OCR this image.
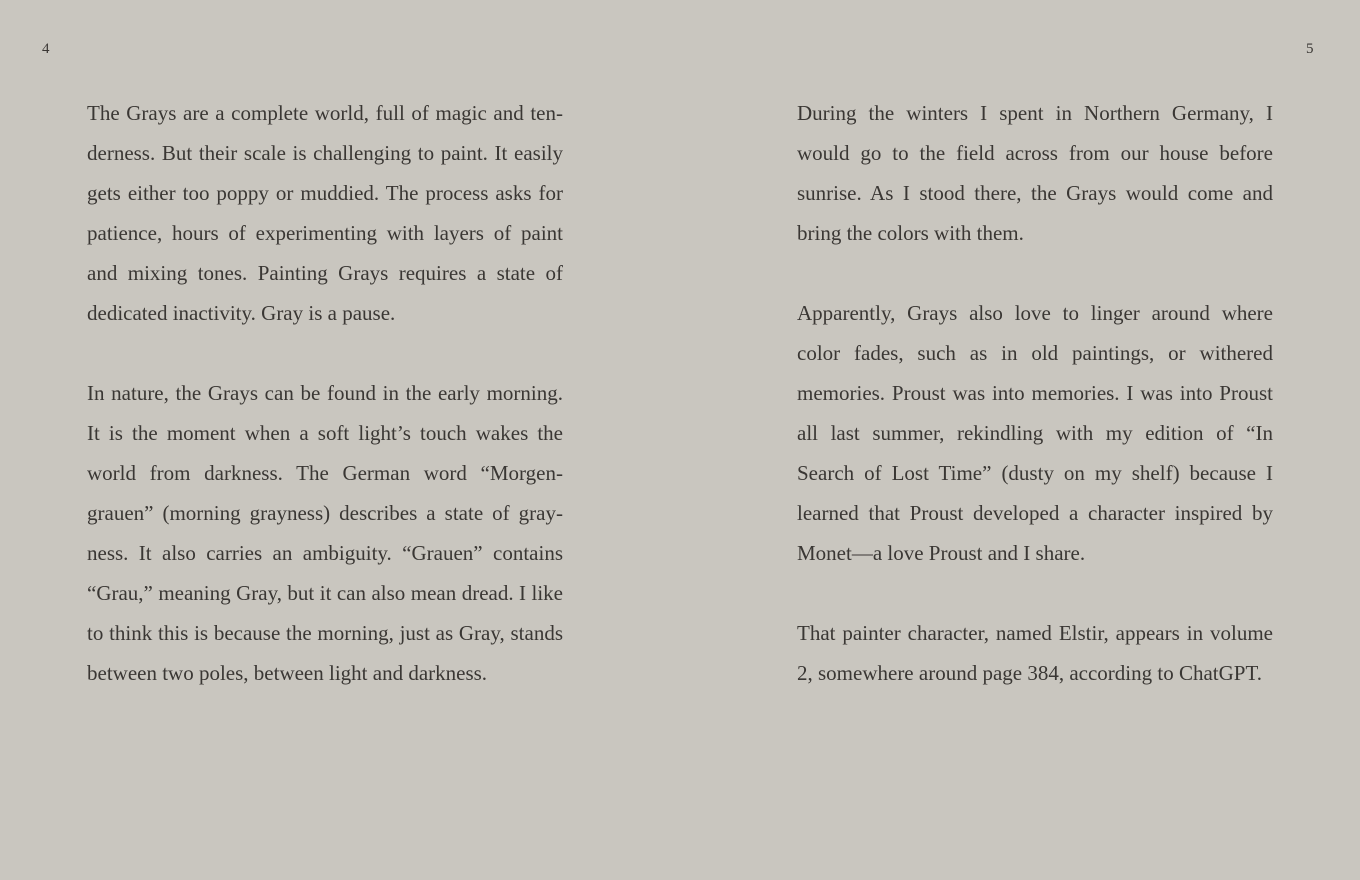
4	5

The Grays are a complete world, full of magic and tenderness. But their scale is challenging to paint. It easily gets either too poppy or muddied. The process asks for patience, hours of experimenting with layers of paint and mixing tones. Painting Grays requires a state of dedicated inactivity. Gray is a pause.

In nature, the Grays can be found in the early morning. It is the moment when a soft light’s touch wakes the world from darkness. The German word “Morgengrauen” (morning grayness) describes a state of grayness. It also carries an ambiguity. “Grauen” contains “Grau,” meaning Gray, but it can also mean dread. I like to think this is because the morning, just as Gray, stands between two poles, between light and darkness.

During the winters I spent in Northern Germany, I would go to the field across from our house before sunrise. As I stood there, the Grays would come and bring the colors with them.

Apparently, Grays also love to linger around where color fades, such as in old paintings, or withered memories. Proust was into memories. I was into Proust all last summer, rekindling with my edition of “In Search of Lost Time” (dusty on my shelf) because I learned that Proust developed a character inspired by Monet—a love Proust and I share.

That painter character, named Elstir, appears in volume 2, somewhere around page 384, according to ChatGPT.
